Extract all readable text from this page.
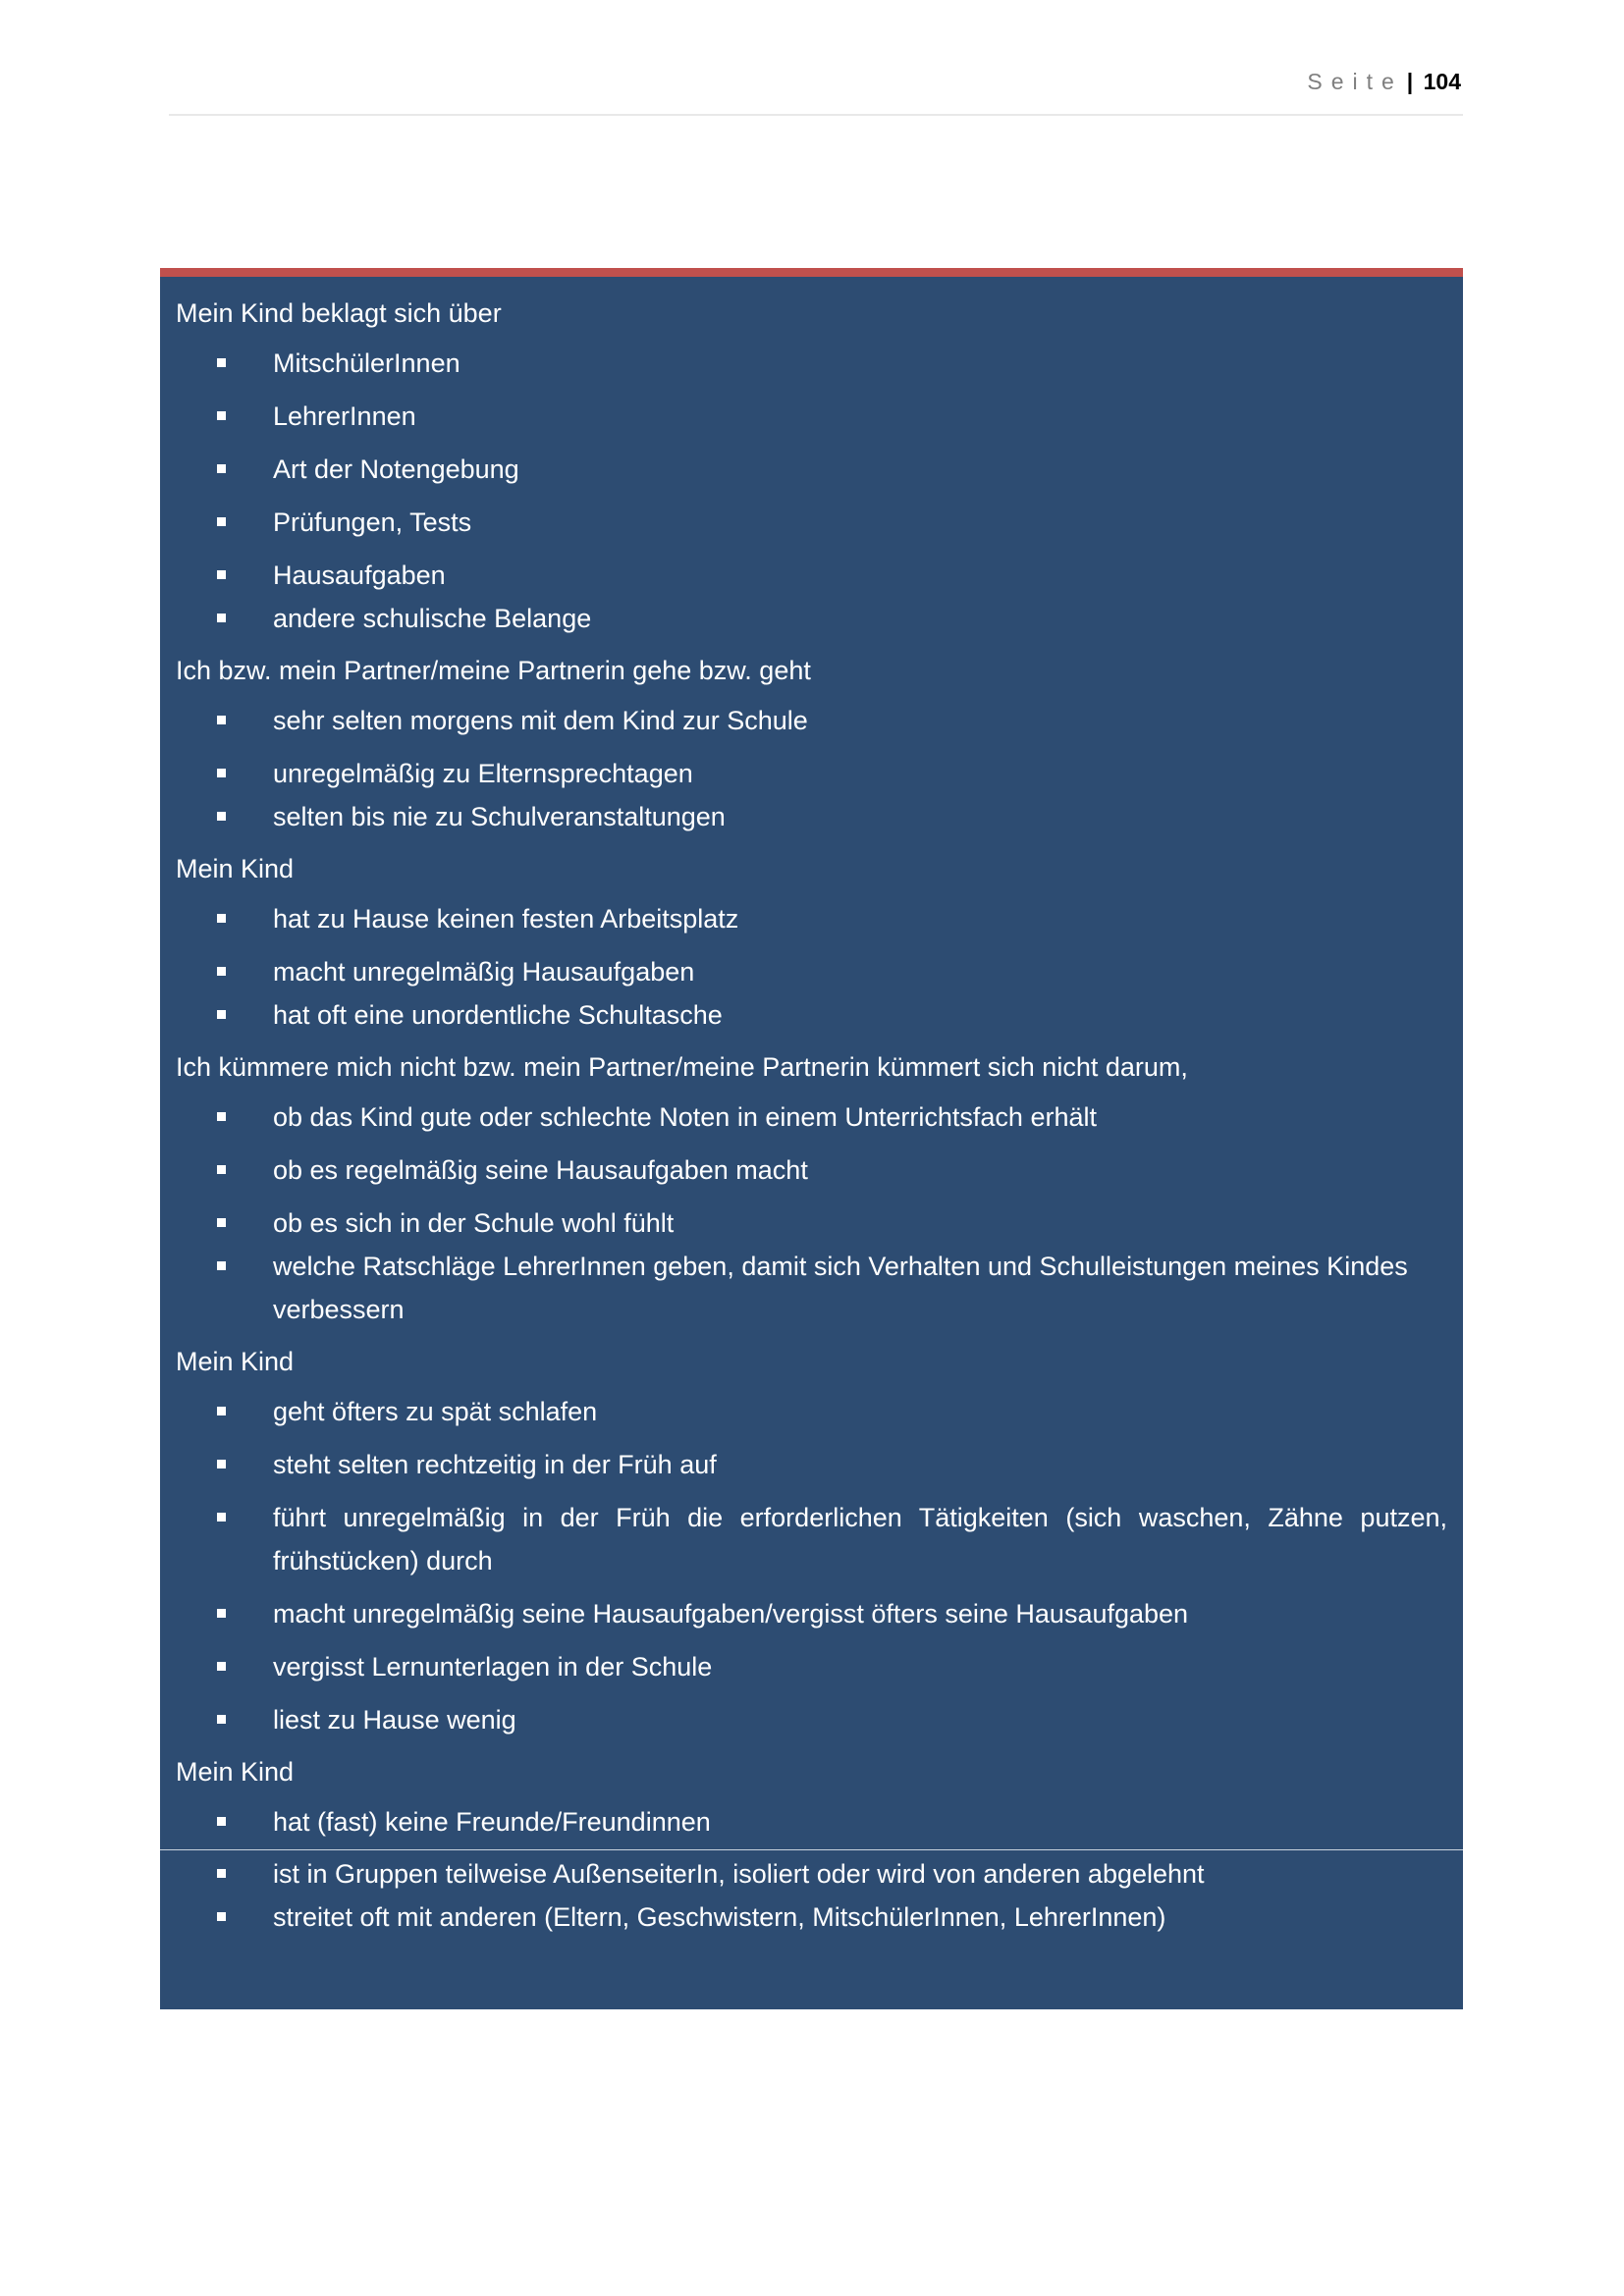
Seite | 104
Mein Kind beklagt sich über
MitschülerInnen
LehrerInnen
Art der Notengebung
Prüfungen, Tests
Hausaufgaben
andere schulische Belange
Ich bzw. mein Partner/meine Partnerin gehe bzw. geht
sehr selten morgens mit dem Kind zur Schule
unregelmäßig zu Elternsprechtagen
selten bis nie zu Schulveranstaltungen
Mein Kind
hat zu Hause keinen festen Arbeitsplatz
macht unregelmäßig Hausaufgaben
hat oft eine unordentliche Schultasche
Ich kümmere mich nicht bzw. mein Partner/meine Partnerin kümmert sich nicht darum,
ob das Kind gute oder schlechte Noten in einem Unterrichtsfach erhält
ob es regelmäßig seine Hausaufgaben macht
ob es sich in der Schule wohl fühlt
welche Ratschläge LehrerInnen geben, damit sich Verhalten und Schulleistungen meines Kindes verbessern
Mein Kind
geht öfters zu spät schlafen
steht selten rechtzeitig in der Früh auf
führt unregelmäßig in der Früh die erforderlichen Tätigkeiten (sich waschen, Zähne putzen, frühstücken) durch
macht unregelmäßig seine Hausaufgaben/vergisst öfters seine Hausaufgaben
vergisst Lernunterlagen in der Schule
liest zu Hause wenig
Mein Kind
hat (fast) keine Freunde/Freundinnen
ist in Gruppen teilweise AußenseiterIn, isoliert oder wird von anderen abgelehnt
streitet oft mit anderen (Eltern, Geschwistern, MitschülerInnen, LehrerInnen)
